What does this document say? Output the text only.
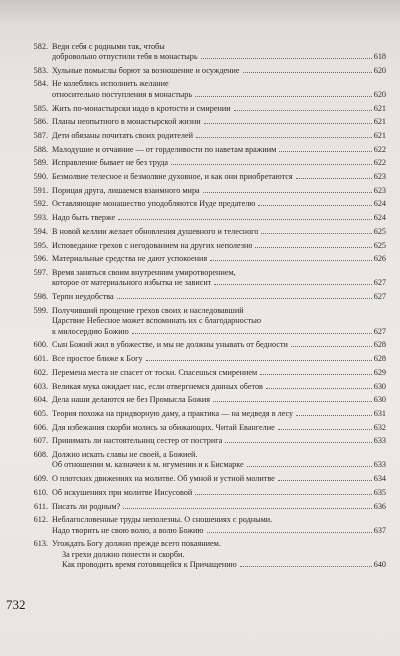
582. Веди себя с родными так, чтобы
добровольно отпустили тебя в монастырь	618
583. Хульные помыслы борют за возношение и осуждение	620
584. Не колеблись исполнить желание
относительно поступления в монастырь	620
585. Жить по-монастырски надо в кротости и смирении	621
586. Планы неопытного в монастырской жизни	621
587. Дети обязаны почитать своих родителей	621
588. Малодушие и отчаяние — от горделивости по наветам вражиим	622
589. Исправление бывает не без труда	622
590. Безмолвие телесное и безмолвие духовное, и как они приобретаются	623
591. Порицая друга, лишаемся взаимного мира	623
592. Оставляющие монашество уподобляются Иуде предателю	624
593. Надо быть тверже	624
594. В новой келлии желает обновления душевного и телесного	625
595. Исповедание грехов с негодованием на других неполезно	625
596. Материальные средства не дают успокоения	626
597. Время заняться своим внутренним умиротворением,
которое от материального избытка не зависит	627
598. Терпи неудобства	627
599. Получивший прощение грехов своих и наследовавший
Царствие Небесное может вспоминать их с благодарностью
к милосердию Божию	627
600. Сын Божий жил в убожестве, и мы не должны унывать от бедности	628
601. Все простое ближе к Богу	628
602. Перемена места не спасет от тоски. Спасешься смирением	629
603. Великая мука ожидает нас, если отвергнемся данных обетов	630
604. Дела наши делаются не без Промысла Божия	630
605. Теория похожа на придворную даму, а практика — на медведя в лесу	631
606. Для избежания скорби молись за обижающих. Читай Евангелие	632
607. Принимать ли настоятельниц сестер от пострига	633
608. Должно искать славы не своей, а Божией.
Об отношении м. казначеи к м. игумении и к Бисмарке	633
609. О плотских движениях на молитве. Об умной и устной молитве	634
610. Об искушениях при молитве Иисусовой	635
611. Писать ли родным?	636
612. Неблагословенные труды неполезны. О сношениях с родными.
Надо творить не свою волю, а волю Божию	637
613. Угождать Богу должно прежде всего покаянием.
За грехи должно понести и скорби.
Как проводить время готовящейся к Причащению	640
732
